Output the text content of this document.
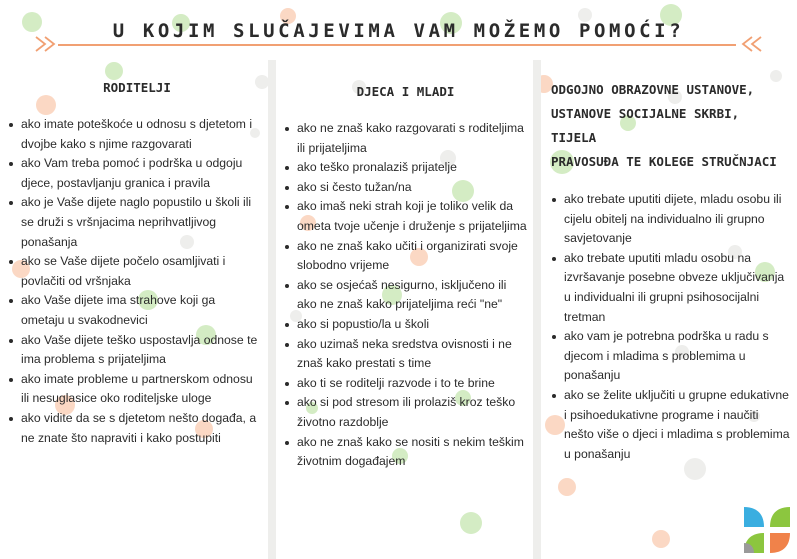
U KOJIM SLUČAJEVIMA VAM MOŽEMO POMOĆI?
RODITELJI
ako imate poteškoće u odnosu s djetetom i dvojbe kako s njime razgovarati
ako Vam treba pomoć i podrška u odgoju djece, postavljanju granica i pravila
ako je Vaše dijete naglo popustilo u školi ili se druži s vršnjacima neprihvatljivog ponašanja
ako se Vaše dijete počelo osamljivati i povlačiti od vršnjaka
ako Vaše dijete ima strahove koji ga ometaju u svakodnevici
ako Vaše dijete teško uspostavlja odnose te ima problema s prijateljima
ako imate probleme u partnerskom odnosu ili nesuglasice oko roditeljske uloge
ako vidite da se s djetetom nešto događa, a ne znate što napraviti i kako postupiti
DJECA I MLADI
ako ne znaš kako razgovarati s roditeljima ili prijateljima
ako teško pronalaziš prijatelje
ako si često tužan/na
ako imaš neki strah koji je toliko velik da ometa tvoje učenje i druženje s prijateljima
ako ne znaš kako učiti i organizirati svoje slobodno vrijeme
ako se osjećaš nesigurno, isključeno ili ako ne znaš kako prijateljima reći "ne"
ako si popustio/la u školi
ako uzimaš neka sredstva ovisnosti i ne znaš kako prestati s time
ako ti se roditelji razvode i to te brine
ako si pod stresom ili prolaziš kroz teško životno razdoblje
ako ne znaš kako se nositi s nekim teškim životnim događajem
ODGOJNO OBRAZOVNE USTANOVE,
USTANOVE SOCIJALNE SKRBI, TIJELA
PRAVOSUĐA TE KOLEGE STRUČNJACI
ako trebate uputiti dijete, mladu osobu ili cijelu obitelj na individualno ili grupno savjetovanje
ako trebate uputiti mladu osobu na izvršavanje posebne obveze uključivanja u individualni ili grupni psihosocijalni tretman
ako vam je potrebna podrška u radu s djecom i mladima s problemima u ponašanju
ako se želite uključiti u grupne edukativne i psihoedukativne programe i naučiti nešto više o djeci i mladima s problemima u ponašanju
